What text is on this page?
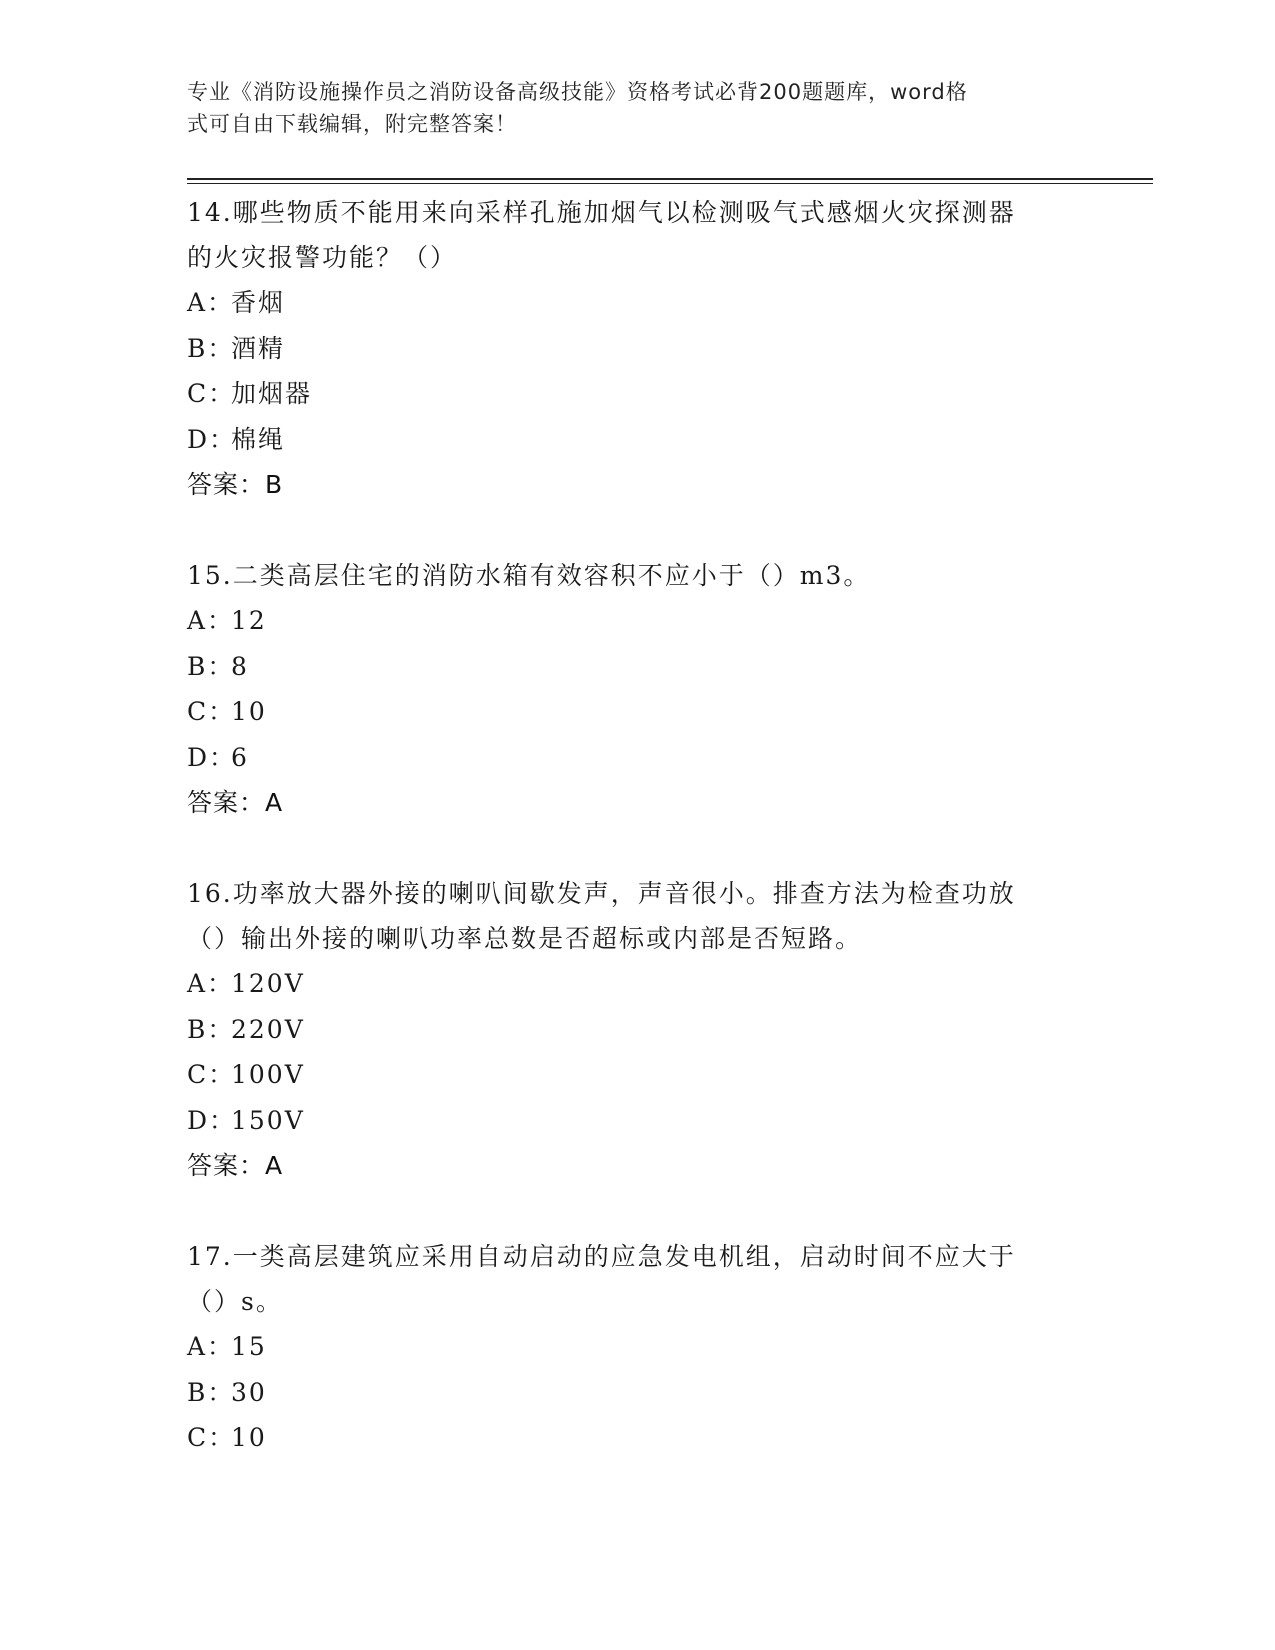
专业《消防设施操作员之消防设备高级技能》资格考试必背200题题库，word格
式可自由下载编辑，附完整答案！
14.哪些物质不能用来向采样孔施加烟气以检测吸气式感烟火灾探测器
的火灾报警功能？（）
A：
香烟
B：
酒精
C：
加烟器
D：
棉绳
答案：B
15.二类高层住宅的消防水箱有效容积不应小于（）m3。
A：
12
B：
8
C：
10
D：
6
答案：A
16.功率放大器外接的喇叭间歇发声，声音很小。排查方法为检查功放
（）输出外接的喇叭功率总数是否超标或内部是否短路。
A：
120V
B：
220V
C：
100V
D：
150V
答案：A
17.一类高层建筑应采用自动启动的应急发电机组，启动时间不应大于
（）s。
A：
15
B：
30
C：
10
